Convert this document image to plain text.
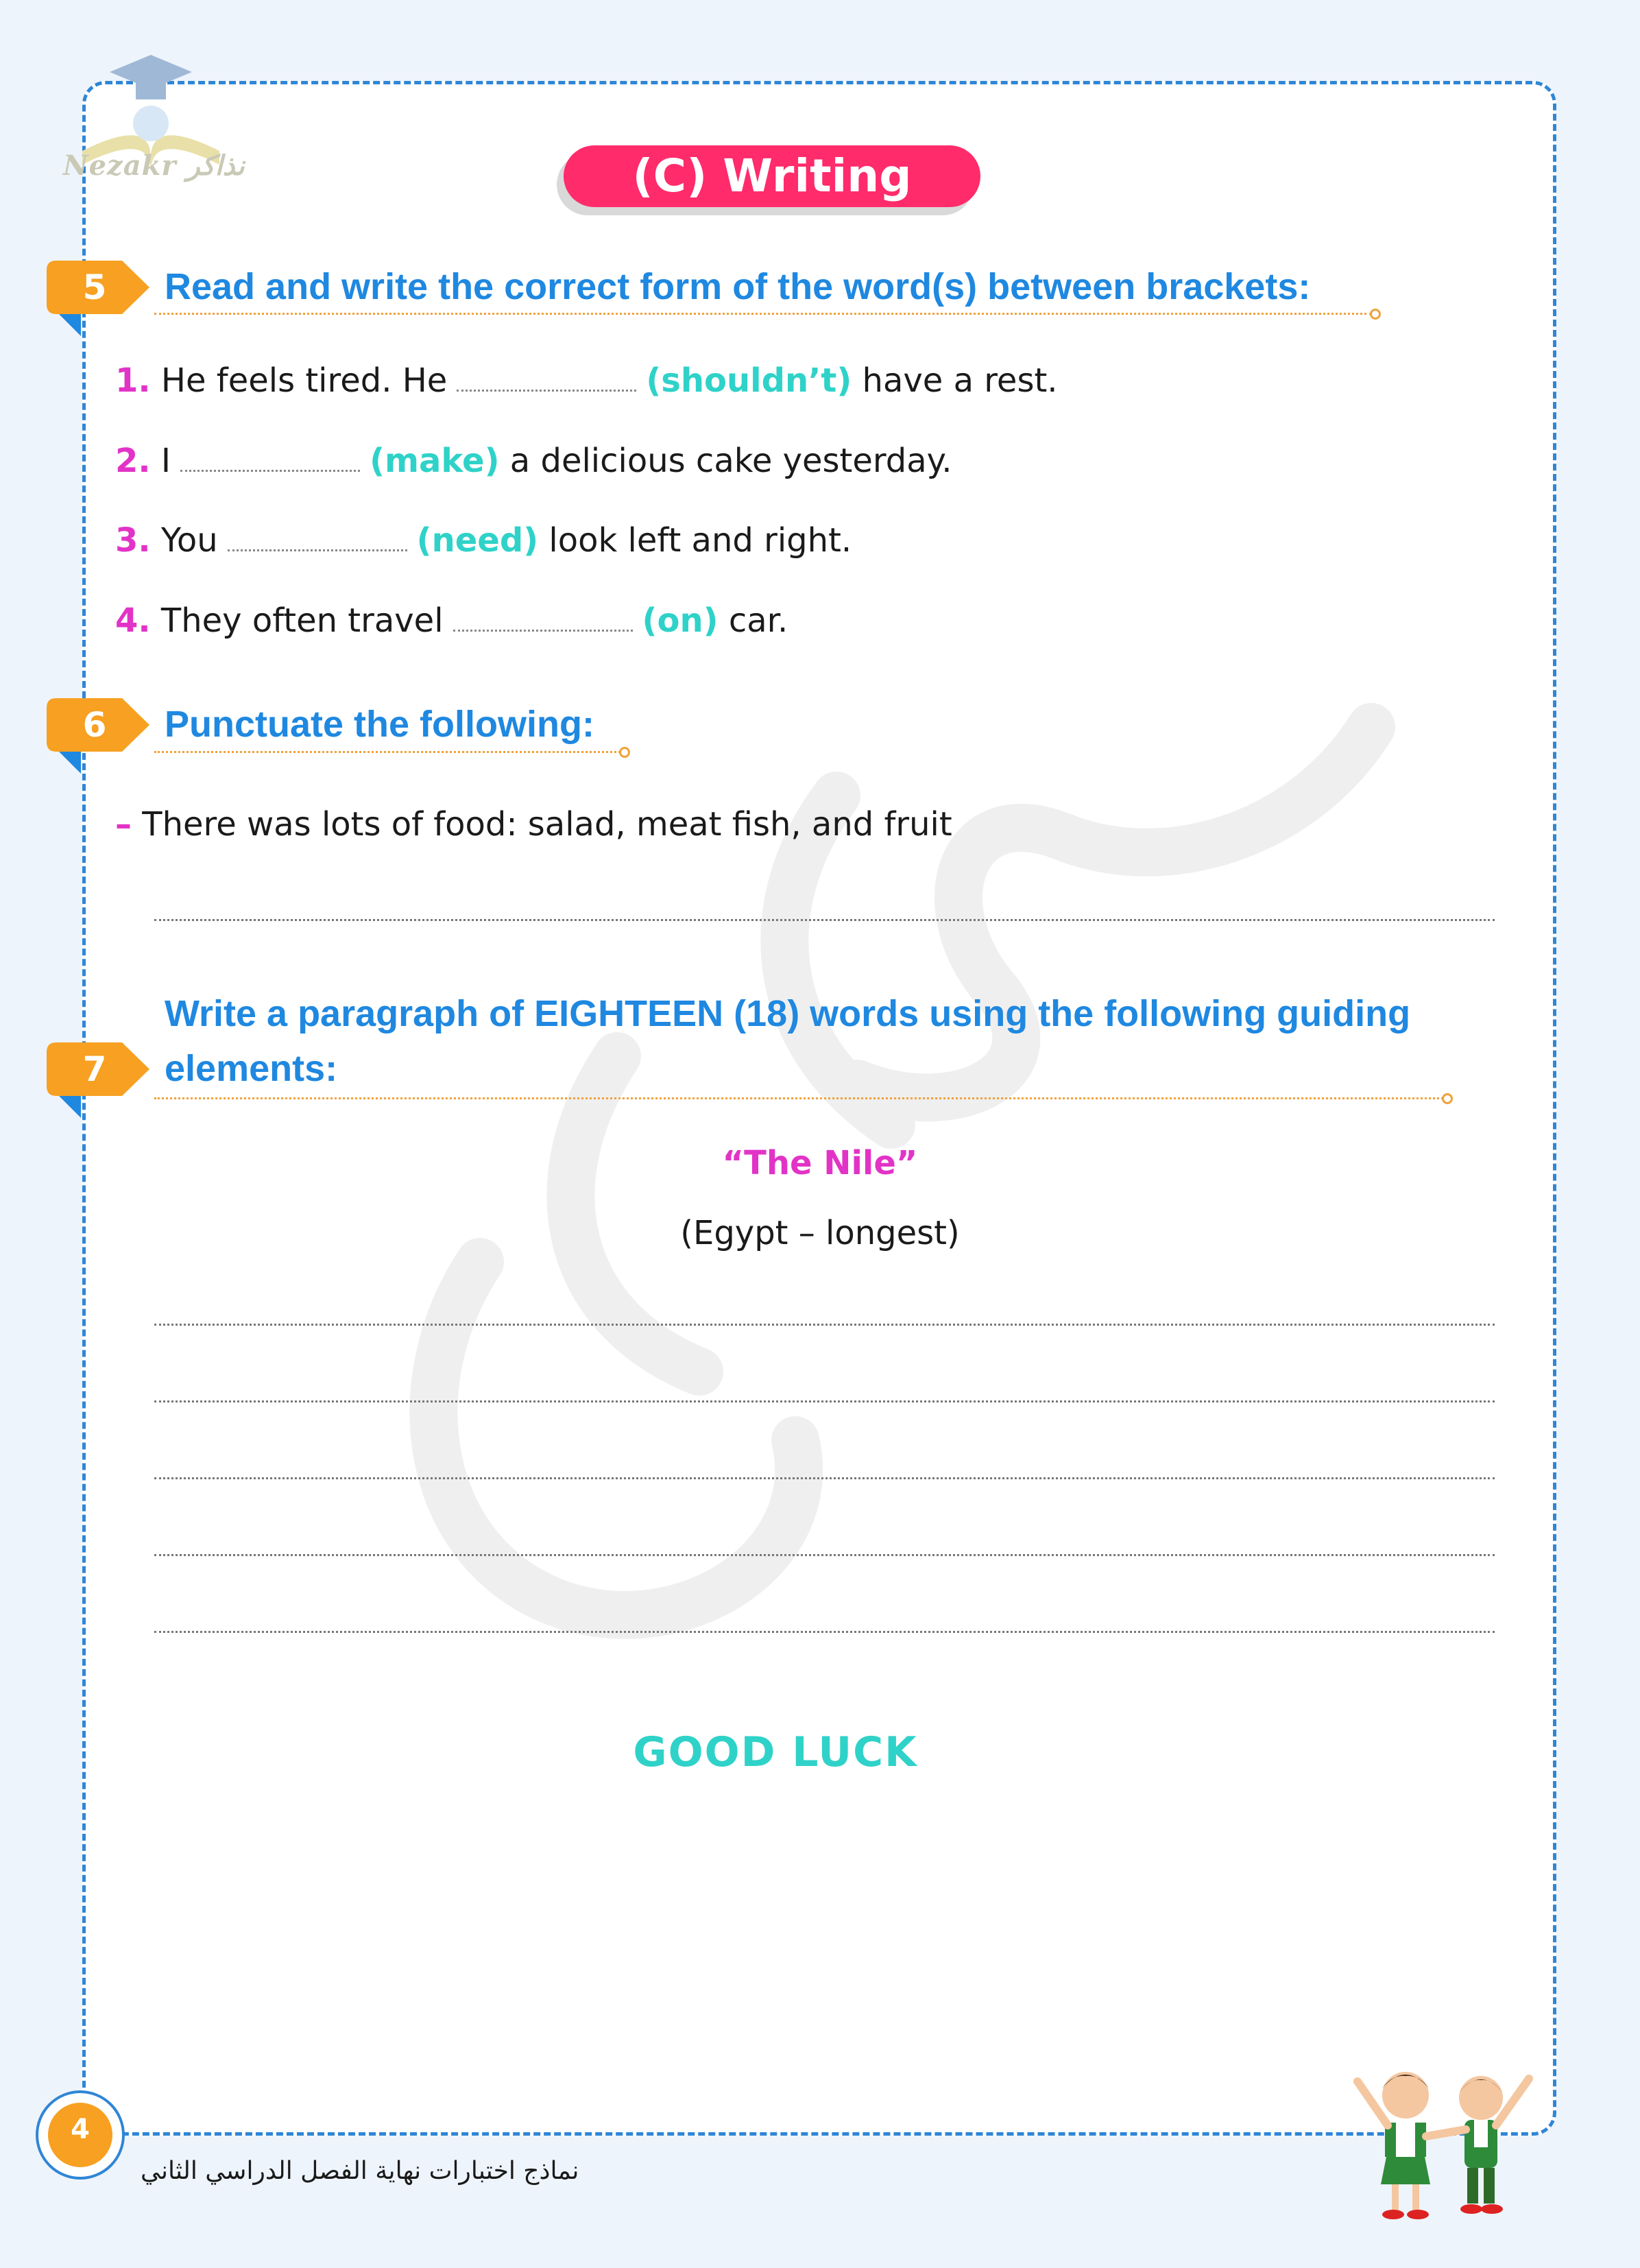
Nezakr نذاكر	(C) Writing
5	Read and write the correct form of the word(s) between brackets:
1. He feels tired. He	(shouldn’t) have a rest.
2. I	(make) a delicious cake yesterday.
3. You	(need) look left and right.
4. They often travel	(on) car.
6	Punctuate the following:
– There was lots of food: salad, meat fish, and fruit
Write a paragraph of EIGHTEEN (18) words using the following guiding
elements:
7
“The Nile”
(Egypt – longest)
GOOD LUCK
4
نماذج اختبارات نهاية الفصل الدراسي الثاني
